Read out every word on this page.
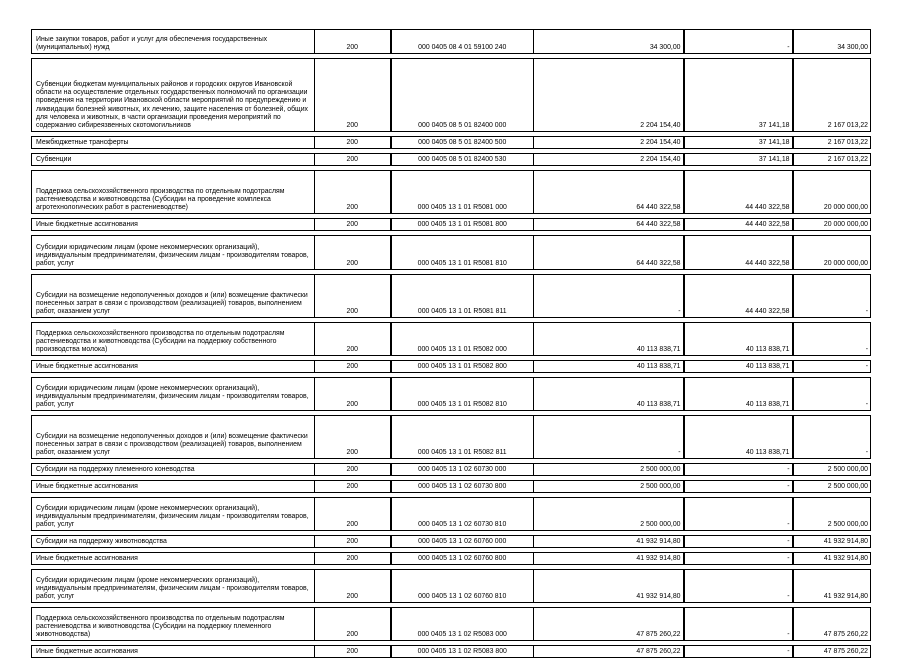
Иные закупки товаров, работ и услуг для обеспечения государственных (муниципальных) нужд	200	000 0405 08 4 01 59100 240	34 300,00	-	34 300,00

Субвенции бюджетам муниципальных районов и городских округов Ивановской области на осуществление отдельных государственных полномочий по организации проведения на территории Ивановской области мероприятий по предупреждению и ликвидации болезней животных, их лечению, защите населения от болезней, общих для человека и животных, в части организации проведения мероприятий по содержанию сибиреязвенных скотомогильников	200	000 0405 08 5 01 82400 000	2 204 154,40	37 141,18	2 167 013,22

Межбюджетные трансферты	200	000 0405 08 5 01 82400 500	2 204 154,40	37 141,18	2 167 013,22

Субвенции	200	000 0405 08 5 01 82400 530	2 204 154,40	37 141,18	2 167 013,22

Поддержка сельскохозяйственного производства по отдельным подотраслям растениеводства и животноводства (Субсидии на проведение комплекса агротехнологических работ в растениеводстве)	200	000 0405 13 1 01 R5081 000	64 440 322,58	44 440 322,58	20 000 000,00

Иные бюджетные ассигнования	200	000 0405 13 1 01 R5081 800	64 440 322,58	44 440 322,58	20 000 000,00

Субсидии юридическим лицам (кроме некоммерческих организаций), индивидуальным предпринимателям, физическим лицам - производителям товаров, работ, услуг	200	000 0405 13 1 01 R5081 810	64 440 322,58	44 440 322,58	20 000 000,00

Субсидии на возмещение недополученных доходов и (или) возмещение фактически понесенных затрат в связи с производством (реализацией) товаров, выполнением работ, оказанием услуг	200	000 0405 13 1 01 R5081 811	-	44 440 322,58	-

Поддержка сельскохозяйственного производства по отдельным подотраслям растениеводства и животноводства (Субсидии на поддержку собственного производства молока)	200	000 0405 13 1 01 R5082 000	40 113 838,71	40 113 838,71	-

Иные бюджетные ассигнования	200	000 0405 13 1 01 R5082 800	40 113 838,71	40 113 838,71	-

Субсидии юридическим лицам (кроме некоммерческих организаций), индивидуальным предпринимателям, физическим лицам - производителям товаров, работ, услуг	200	000 0405 13 1 01 R5082 810	40 113 838,71	40 113 838,71	-

Субсидии на возмещение недополученных доходов и (или) возмещение фактически понесенных затрат в связи с производством (реализацией) товаров, выполнением работ, оказанием услуг	200	000 0405 13 1 01 R5082 811	-	40 113 838,71	-

Субсидии на поддержку племенного коневодства	200	000 0405 13 1 02 60730 000	2 500 000,00	-	2 500 000,00

Иные бюджетные ассигнования	200	000 0405 13 1 02 60730 800	2 500 000,00	-	2 500 000,00

Субсидии юридическим лицам (кроме некоммерческих организаций), индивидуальным предпринимателям, физическим лицам - производителям товаров, работ, услуг	200	000 0405 13 1 02 60730 810	2 500 000,00	-	2 500 000,00

Субсидии на поддержку животноводства	200	000 0405 13 1 02 60760 000	41 932 914,80	-	41 932 914,80

Иные бюджетные ассигнования	200	000 0405 13 1 02 60760 800	41 932 914,80	-	41 932 914,80

Субсидии юридическим лицам (кроме некоммерческих организаций), индивидуальным предпринимателям, физическим лицам - производителям товаров, работ, услуг	200	000 0405 13 1 02 60760 810	41 932 914,80	-	41 932 914,80

Поддержка сельскохозяйственного производства по отдельным подотраслям растениеводства и животноводства (Субсидии на поддержку племенного животноводства)	200	000 0405 13 1 02 R5083 000	47 875 260,22	-	47 875 260,22

Иные бюджетные ассигнования	200	000 0405 13 1 02 R5083 800	47 875 260,22	-	47 875 260,22
